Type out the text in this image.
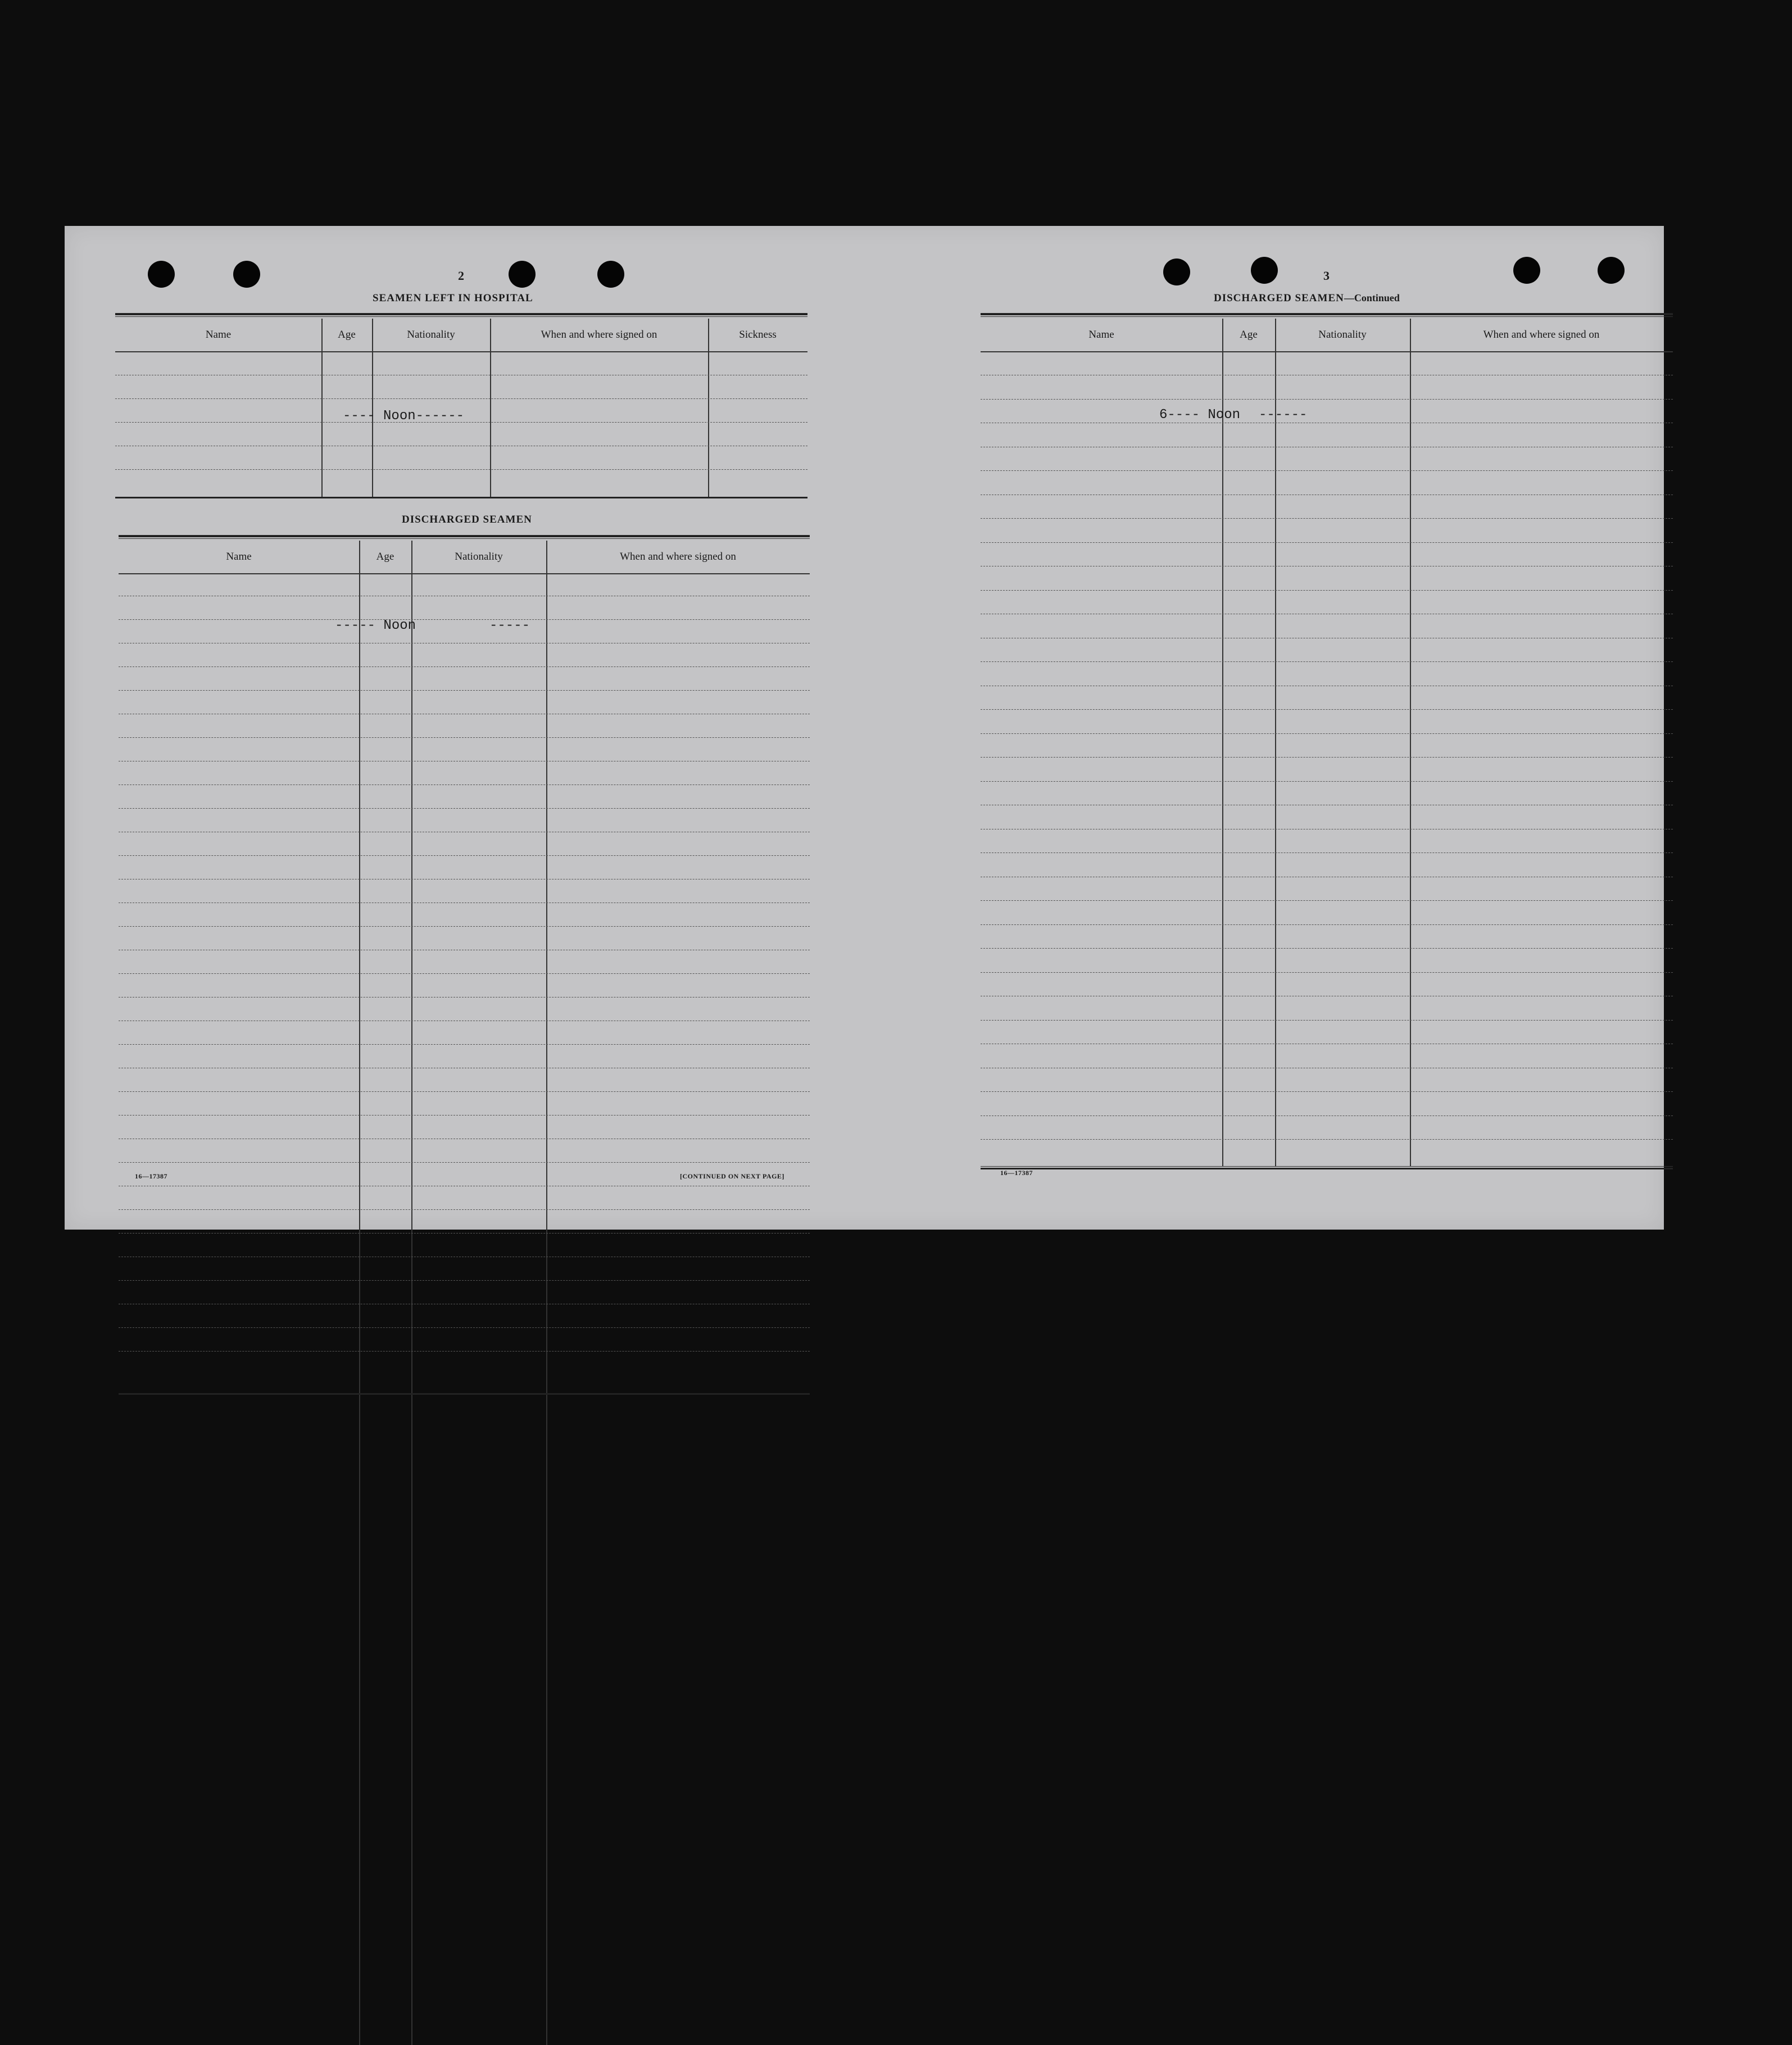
2
SEAMEN LEFT IN HOSPITAL
Name	Age	Nationality	When and where signed on	Sickness
---- Noon------
DISCHARGED SEAMEN
Name	Age	Nationality	When and where signed on
----- Noon	-----
16—17387	[CONTINUED ON NEXT PAGE]
3
DISCHARGED SEAMEN—Continued
Name	Age	Nationality	When and where signed on
6---- Noon ------
16—17387
